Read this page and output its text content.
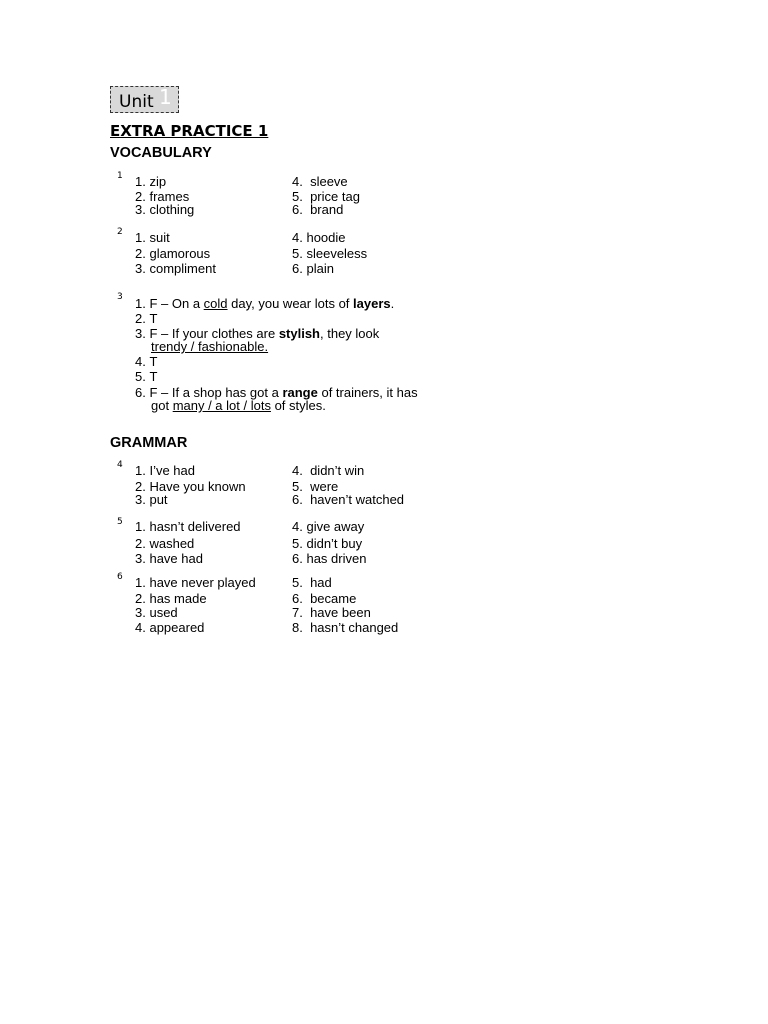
Unit 1
EXTRA PRACTICE 1
VOCABULARY
1 1. zip
2. frames
3. clothing
4. sleeve
5. price tag
6. brand
2 1. suit
2. glamorous
3. compliment
4. hoodie
5. sleeveless
6. plain
3 1. F – On a cold day, you wear lots of layers.
2. T
3. F – If your clothes are stylish, they look
trendy / fashionable.
4. T
5. T
6. F – If a shop has got a range of trainers, it has
got many / a lot / lots of styles.
GRAMMAR
4 1. I’ve had
2. Have you known
3. put
4. didn’t win
5. were
6. haven’t watched
5 1. hasn’t delivered
2. washed
3. have had
4. give away
5. didn’t buy
6. has driven
6 1. have never played
2. has made
3. used
4. appeared
5. had
6. became
7. have been
8. hasn’t changed
